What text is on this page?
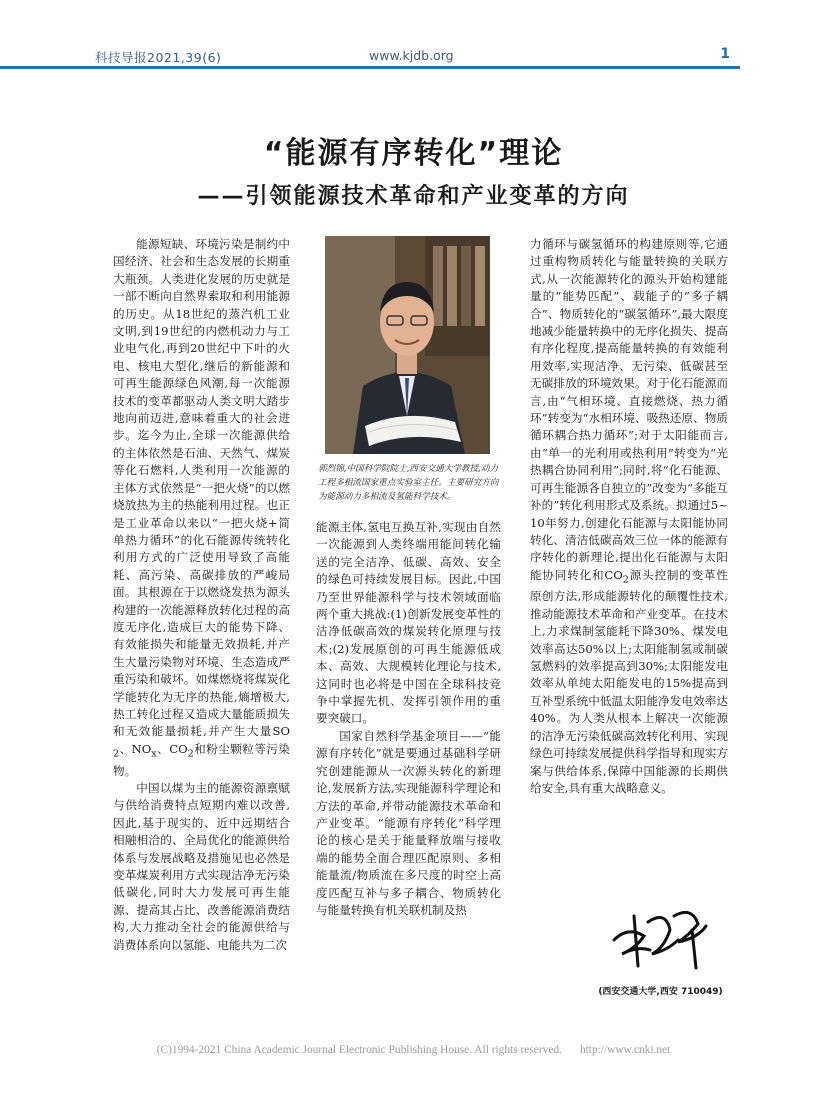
科技导报2021,39(6)	www.kjdb.org	1
“能源有序转化”理论
——引领能源技术革命和产业变革的方向

能源短缺、环境污染是制约中国经济、社会和生态发展的长期重大瓶颈。人类进化发展的历史就是一部不断向自然界索取和利用能源的历史。从18世纪的蒸汽机工业文明,到19世纪的内燃机动力与工业电气化,再到20世纪中下叶的火电、核电大型化,继后的新能源和可再生能源绿色风潮,每一次能源技术的变革都驱动人类文明大踏步地向前迈进,意味着重大的社会进步。迄今为止,全球一次能源供给的主体依然是石油、天然气、煤炭等化石燃料,人类利用一次能源的主体方式依然是“一把火烧”的以燃烧放热为主的热能利用过程。也正是工业革命以来以“一把火烧+简单热力循环”的化石能源传统转化利用方式的广泛使用导致了高能耗、高污染、高碳排放的严峻局面。其根源在于以燃烧发热为源头构建的一次能源释放转化过程的高度无序化,造成巨大的能势下降、有效能损失和能量无效损耗,并产生大量污染物对环境、生态造成严重污染和破坏。如煤燃烧将煤炭化学能转化为无序的热能,熵增极大,热工转化过程又造成大量能质损失和无效能量损耗,并产生大量$SO_2$、$NO_x$、$CO_2$和粉尘颗粒等污染物。

中国以煤为主的能源资源禀赋与供给消费特点短期内难以改善,因此,基于现实的、近中远期结合相融相洽的、全局优化的能源供给体系与发展战略及措施见也必然是变革煤炭利用方式实现洁净无污染低碳化,同时大力发展可再生能源、提高其占比、改善能源消费结构,大力推动全社会的能源供给与消费体系向以氢能、电能共为二次

郭烈锦,中国科学院院士,西安交通大学教授,动力工程多相流国家重点实验室主任。主要研究方向为能源动力多相流及氢能科学技术。

能源主体,氢电互换互补,实现由自然一次能源到人类终端用能间转化输送的完全洁净、低碳、高效、安全的绿色可持续发展目标。因此,中国乃至世界能源科学与技术领域面临两个重大挑战:(1)创新发展变革性的洁净低碳高效的煤炭转化原理与技术;(2)发展原创的可再生能源低成本、高效、大规模转化理论与技术,这同时也必将是中国在全球科技竞争中掌握先机、发挥引领作用的重要突破口。

国家自然科学基金项目——“能源有序转化”就是要通过基础科学研究创建能源从一次源头转化的新理论,发展新方法,实现能源科学理论和方法的革命,并带动能源技术革命和产业变革。“能源有序转化”科学理论的核心是关于能量释放端与接收端的能势全面合理匹配原则、多相能量流/物质流在多尺度的时空上高度匹配互补与多子耦合、物质转化与能量转换有机关联机制及热

力循环与碳氢循环的构建原则等,它通过重构物质转化与能量转换的关联方式,从一次能源转化的源头开始构建能量的“能势匹配”、载能子的“多子耦合”、物质转化的“碳氢循环”,最大限度地减少能量转换中的无序化损失、提高有序化程度,提高能量转换的有效能利用效率,实现洁净、无污染、低碳甚至无碳排放的环境效果。对于化石能源而言,由“气相环境、直接燃烧、热力循环”转变为“水相环境、吸热还原、物质循环耦合热力循环”;对于太阳能而言,由“单一的光利用或热利用”转变为“光热耦合协同利用”;同时,将“化石能源、可再生能源各自独立的”改变为“多能互补的”转化利用形式及系统。拟通过5~10年努力,创建化石能源与太阳能协同转化、清洁低碳高效三位一体的能源有序转化的新理论,提出化石能源与太阳能协同转化和$CO_2$源头控制的变革性原创方法,形成能源转化的颠覆性技术,推动能源技术革命和产业变革。在技术上,力求煤制氢能耗下降30%、煤发电效率高达50%以上;太阳能制氢或制碳氢燃料的效率提高到30%;太阳能发电效率从单纯太阳能发电的15%提高到互补型系统中低温太阳能净发电效率达40%。为人类从根本上解决一次能源的洁净无污染低碳高效转化利用、实现绿色可持续发展提供科学指导和现实方案与供给体系,保障中国能源的长期供给安全,具有重大战略意义。

(西安交通大学,西安 710049)
(C)1994-2021 China Academic Journal Electronic Publishing House. All rights reserved. http://www.cnki.net
